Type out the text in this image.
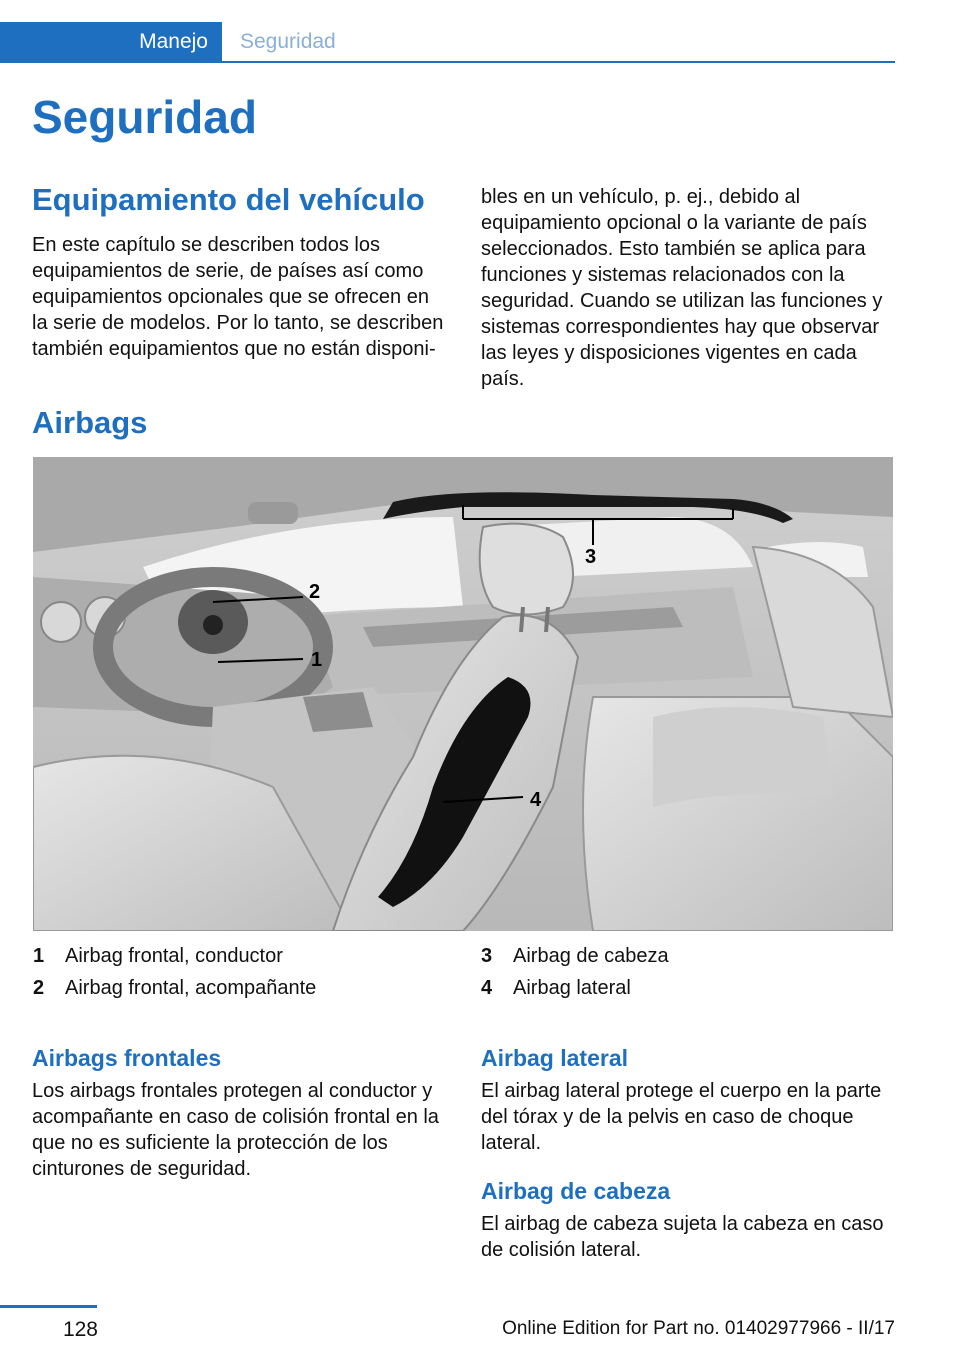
Manejo	Seguridad
Seguridad
Equipamiento del vehículo

En este capítulo se describen todos los equipamientos de serie, de países así como equipamientos opcionales que se ofrecen en la serie de modelos. Por lo tanto, se describen también equipamientos que no están disponi-

bles en un vehículo, p. ej., debido al equipamiento opcional o la variante de país seleccionados. Esto también se aplica para funciones y sistemas relacionados con la seguridad. Cuando se utilizan las funciones y sistemas correspondientes hay que observar las leyes y disposiciones vigentes en cada país.

Airbags
3
2
1
4
1	Airbag frontal, conductor
2	Airbag frontal, acompañante
3	Airbag de cabeza
4	Airbag lateral
Airbags frontales

Los airbags frontales protegen al conductor y acompañante en caso de colisión frontal en la que no es suficiente la protección de los cinturones de seguridad.

Airbag lateral

El airbag lateral protege el cuerpo en la parte del tórax y de la pelvis en caso de choque lateral.

Airbag de cabeza

El airbag de cabeza sujeta la cabeza en caso de colisión lateral.

128	Online Edition for Part no. 01402977966 - II/17
